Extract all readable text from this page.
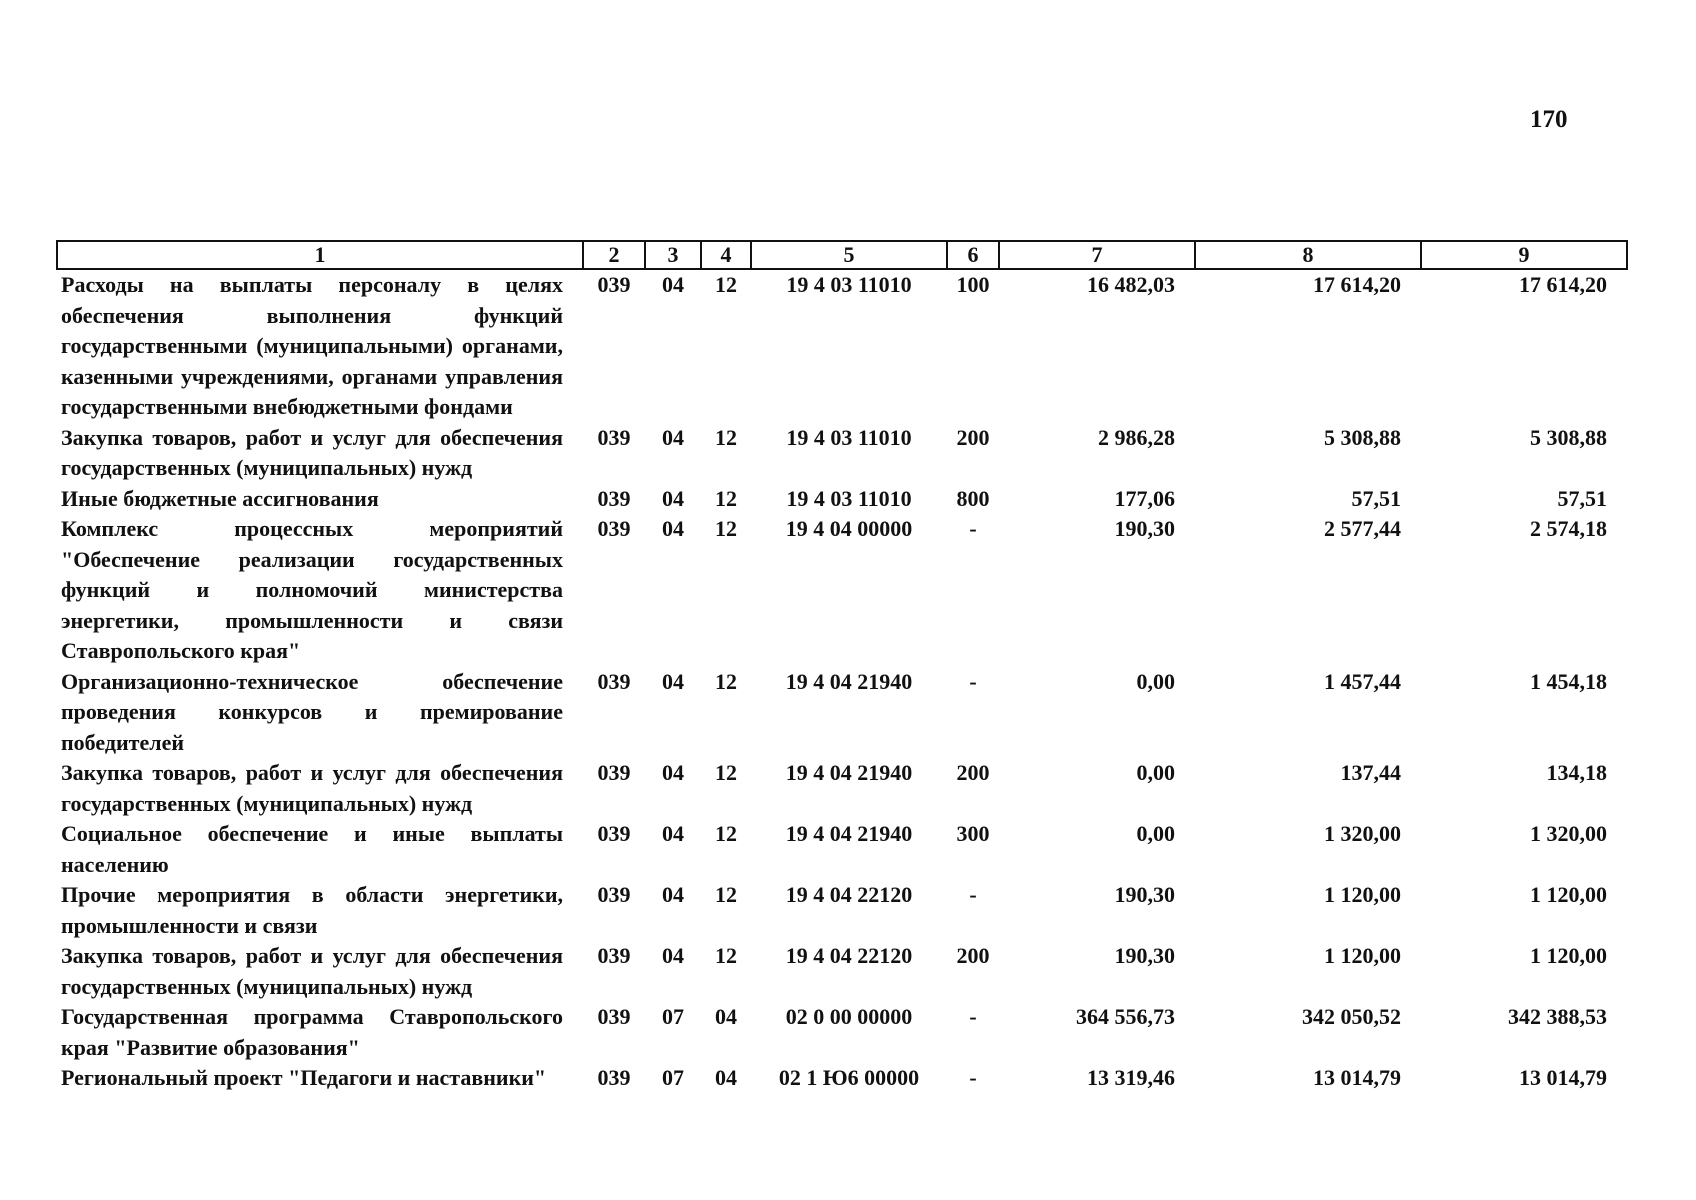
170
1	2	3	4	5	6	7	8	9
Расходы на выплаты персоналу в целях обеспечения выполнения функций государственными (муниципальными) органами, казенными учреждениями, органами управления государственными внебюджетными фондами	039	04	12	19 4 03 11010	100	16 482,03	17 614,20	17 614,20
Закупка товаров, работ и услуг для обеспечения государственных (муниципальных) нужд	039	04	12	19 4 03 11010	200	2 986,28	5 308,88	5 308,88
Иные бюджетные ассигнования	039	04	12	19 4 03 11010	800	177,06	57,51	57,51
Комплекс процессных мероприятий "Обеспечение реализации государственных функций и полномочий министерства энергетики, промышленности и связи Ставропольского края"	039	04	12	19 4 04 00000	-	190,30	2 577,44	2 574,18
Организационно-техническое обеспечение проведения конкурсов и премирование победителей	039	04	12	19 4 04 21940	-	0,00	1 457,44	1 454,18
Закупка товаров, работ и услуг для обеспечения государственных (муниципальных) нужд	039	04	12	19 4 04 21940	200	0,00	137,44	134,18
Социальное обеспечение и иные выплаты населению	039	04	12	19 4 04 21940	300	0,00	1 320,00	1 320,00
Прочие мероприятия в области энергетики, промышленности и связи	039	04	12	19 4 04 22120	-	190,30	1 120,00	1 120,00
Закупка товаров, работ и услуг для обеспечения государственных (муниципальных) нужд	039	04	12	19 4 04 22120	200	190,30	1 120,00	1 120,00
Государственная программа Ставропольского края "Развитие образования"	039	07	04	02 0 00 00000	-	364 556,73	342 050,52	342 388,53
Региональный проект "Педагоги и наставники"	039	07	04	02 1 Ю6 00000	-	13 319,46	13 014,79	13 014,79
